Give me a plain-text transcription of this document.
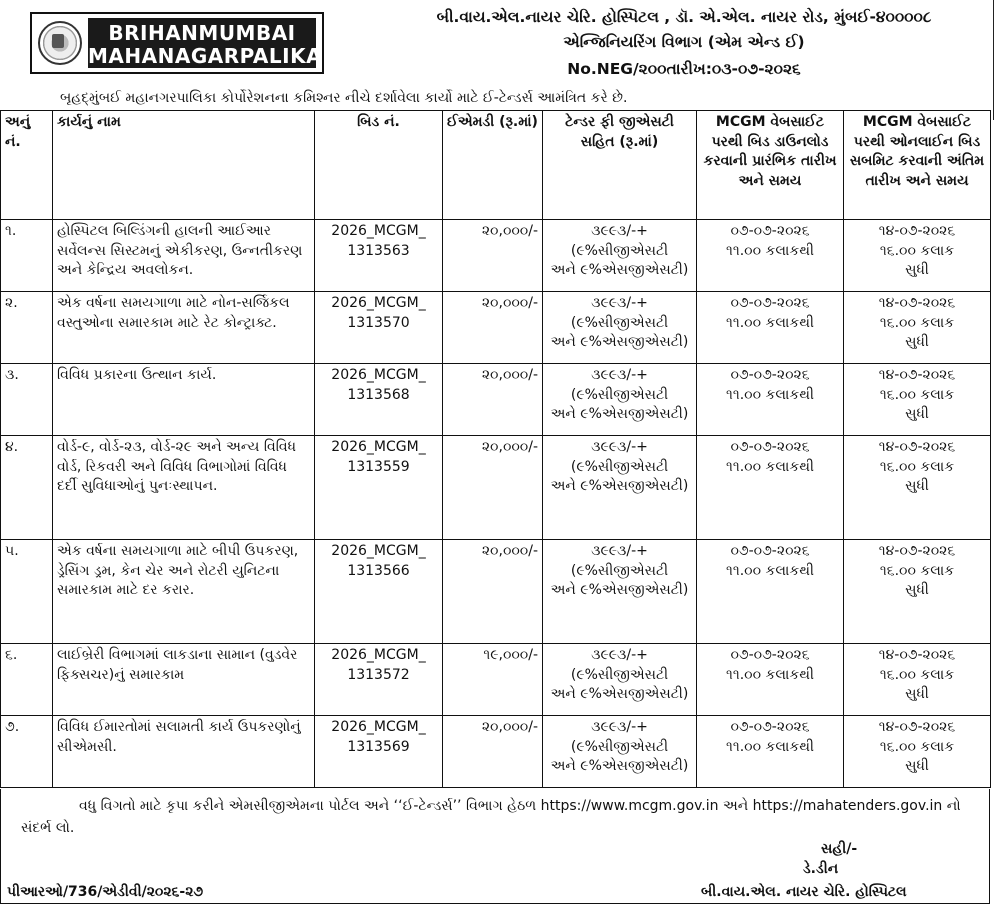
BRIHANMUMBAI
MAHANAGARPALIKA
બી.વાય.એલ.નાયર ચેરિ. હોસ્પિટલ , ડૉ. એ.એલ. નાયર રોડ, મુંબઈ-૪૦૦૦૦૮
એન્જિનિયરિંગ વિભાગ (એમ એન્ડ ઈ)
No.NEG/૨૦૦તારીખ:૦૩-૦૭-૨૦૨૬
બૃહદ્‌મુંબઈ મહાનગરપાલિકા કોર્પોરેશનના કમિશ્નર નીચે દર્શાવેલા કાર્યો માટે ઈ-ટેન્ડર્સ આમંત્રિત કરે છે.
અનું નં.	કાર્યનું નામ	બિડ નં.	ઈએમડી (રૂ.માં)	ટેન્ડર ફી જીએસટી સહિત (રૂ.માં)	MCGM વેબસાઈટ પરથી બિડ ડાઉનલોડ કરવાની પ્રારંભિક તારીખ અને સમય	MCGM વેબસાઈટ પરથી ઓનલાઈન બિડ સબમિટ કરવાની અંતિમ તારીખ અને સમય
૧.	હોસ્પિટલ બિલ્ડિંગની હાલની આઈઆર સર્વેલન્સ સિસ્ટમનું એકીકરણ, ઉન્નતીકરણ અને કેન્દ્રિય અવલોકન.	2026_MCGM_
1313563	૨૦,૦૦૦/-	૩૯૯૩/-+
(૯%સીજીએસટી
અને ૯%એસજીએસટી)	૦૭-૦૭-૨૦૨૬
૧૧.૦૦ કલાકથી	૧૪-૦૭-૨૦૨૬
૧૬.૦૦ કલાક
સુધી
૨.	એક વર્ષના સમયગાળા માટે નોન-સર્જિકલ વસ્તુઓના સમારકામ માટે રેટ કોન્ટ્રાક્ટ.	2026_MCGM_
1313570	૨૦,૦૦૦/-	૩૯૯૩/-+
(૯%સીજીએસટી
અને ૯%એસજીએસટી)	૦૭-૦૭-૨૦૨૬
૧૧.૦૦ કલાકથી	૧૪-૦૭-૨૦૨૬
૧૬.૦૦ કલાક
સુધી
૩.	વિવિધ પ્રકારના ઉત્થાન કાર્ય.	2026_MCGM_
1313568	૨૦,૦૦૦/-	૩૯૯૩/-+
(૯%સીજીએસટી
અને ૯%એસજીએસટી)	૦૭-૦૭-૨૦૨૬
૧૧.૦૦ કલાકથી	૧૪-૦૭-૨૦૨૬
૧૬.૦૦ કલાક
સુધી
૪.	વોર્ડ-૯, વોર્ડ-૨૩, વોર્ડ-૨૯ અને અન્ય વિવિધ વોર્ડ, રિકવરી અને વિવિધ વિભાગોમાં વિવિધ દર્દી સુવિધાઓનું પુનઃસ્થાપન.	2026_MCGM_
1313559	૨૦,૦૦૦/-	૩૯૯૩/-+
(૯%સીજીએસટી
અને ૯%એસજીએસટી)	૦૭-૦૭-૨૦૨૬
૧૧.૦૦ કલાકથી	૧૪-૦૭-૨૦૨૬
૧૬.૦૦ કલાક
સુધી
૫.	એક વર્ષના સમયગાળા માટે બીપી ઉપકરણ, ડ્રેસિંગ ડ્રમ, કેન ચેર અને રોટરી યુનિટના સમારકામ માટે દર કરાર.	2026_MCGM_
1313566	૨૦,૦૦૦/-	૩૯૯૩/-+
(૯%સીજીએસટી
અને ૯%એસજીએસટી)	૦૭-૦૭-૨૦૨૬
૧૧.૦૦ કલાકથી	૧૪-૦૭-૨૦૨૬
૧૬.૦૦ કલાક
સુધી
૬.	લાઈબ્રેરી વિભાગમાં લાકડાના સામાન (વુડવેર ફિક્સચર)નું સમારકામ	2026_MCGM_
1313572	૧૯,૦૦૦/-	૩૯૯૩/-+
(૯%સીજીએસટી
અને ૯%એસજીએસટી)	૦૭-૦૭-૨૦૨૬
૧૧.૦૦ કલાકથી	૧૪-૦૭-૨૦૨૬
૧૬.૦૦ કલાક
સુધી
૭.	વિવિધ ઈમારતોમાં સલામતી કાર્ય ઉપકરણોનું સીએમસી.	2026_MCGM_
1313569	૨૦,૦૦૦/-	૩૯૯૩/-+
(૯%સીજીએસટી
અને ૯%એસજીએસટી)	૦૭-૦૭-૨૦૨૬
૧૧.૦૦ કલાકથી	૧૪-૦૭-૨૦૨૬
૧૬.૦૦ કલાક
સુધી
વધુ વિગતો માટે કૃપા કરીને એમસીજીએમના પોર્ટલ અને ‘‘ઈ-ટેન્ડર્સ’’ વિભાગ હેઠળ https://www.mcgm.gov.in અને https://mahatenders.gov.in નો સંદર્ભ લો.
સહી/-
ડે.ડીન
બી.વાય.એલ. નાયર ચેરિ. હોસ્પિટલ
પીઆરઓ/736/એડીવી/૨૦૨૬-૨૭
